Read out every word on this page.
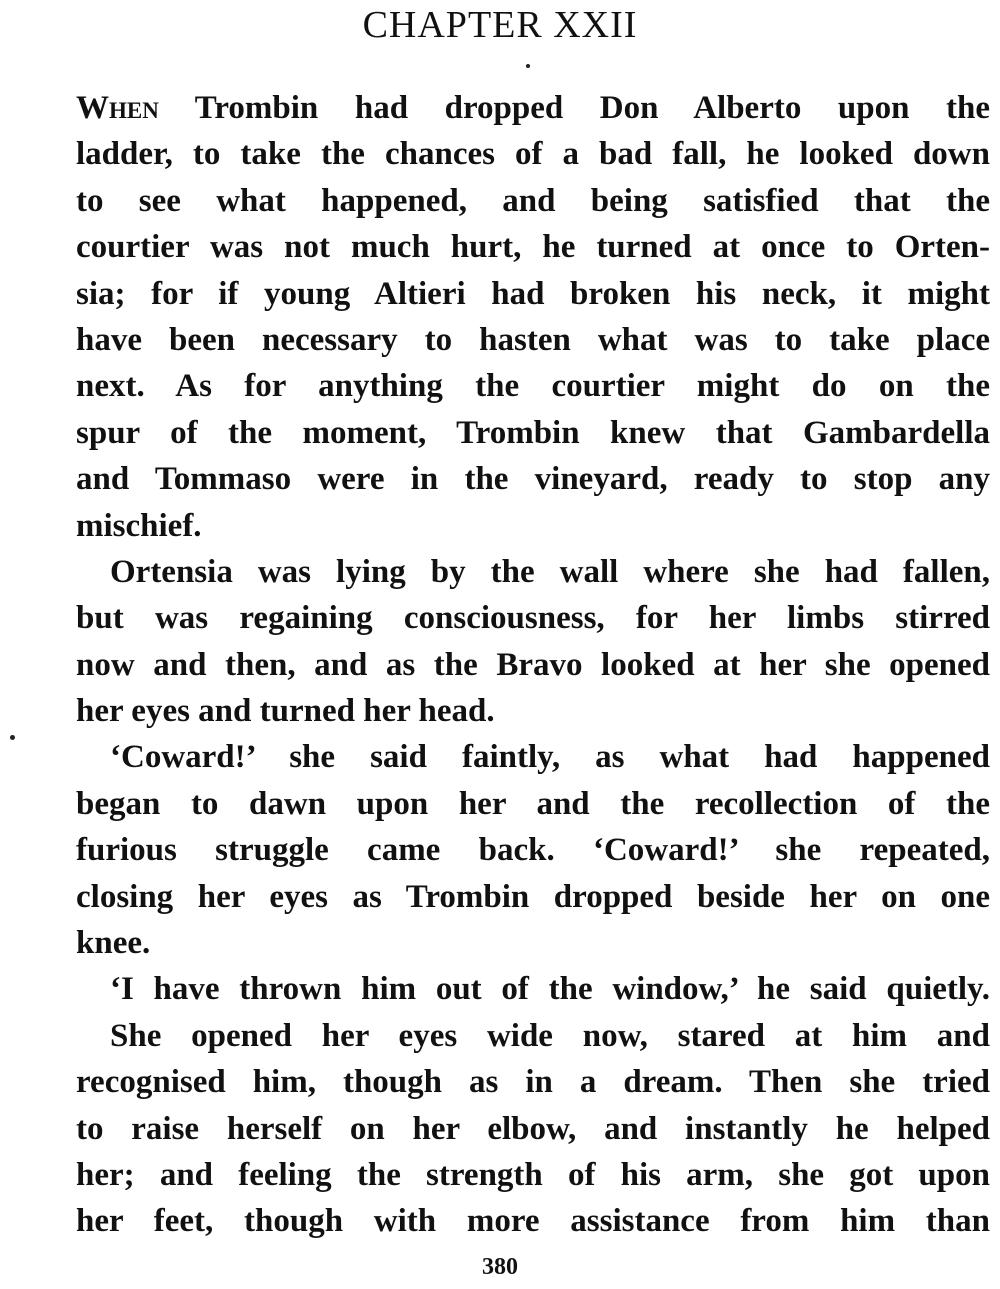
CHAPTER XXII
When Trombin had dropped Don Alberto upon the
ladder, to take the chances of a bad fall, he looked down
to see what happened, and being satisfied that the
courtier was not much hurt, he turned at once to Orten-
sia; for if young Altieri had broken his neck, it might
have been necessary to hasten what was to take place
next. As for anything the courtier might do on the
spur of the moment, Trombin knew that Gambardella
and Tommaso were in the vineyard, ready to stop any
mischief.
Ortensia was lying by the wall where she had fallen,
but was regaining consciousness, for her limbs stirred
now and then, and as the Bravo looked at her she opened
her eyes and turned her head.
‘Coward!’ she said faintly, as what had happened
began to dawn upon her and the recollection of the
furious struggle came back. ‘Coward!’ she repeated,
closing her eyes as Trombin dropped beside her on one
knee.
‘I have thrown him out of the window,’ he said quietly.
She opened her eyes wide now, stared at him and
recognised him, though as in a dream. Then she tried
to raise herself on her elbow, and instantly he helped
her; and feeling the strength of his arm, she got upon
her feet, though with more assistance from him than
380
